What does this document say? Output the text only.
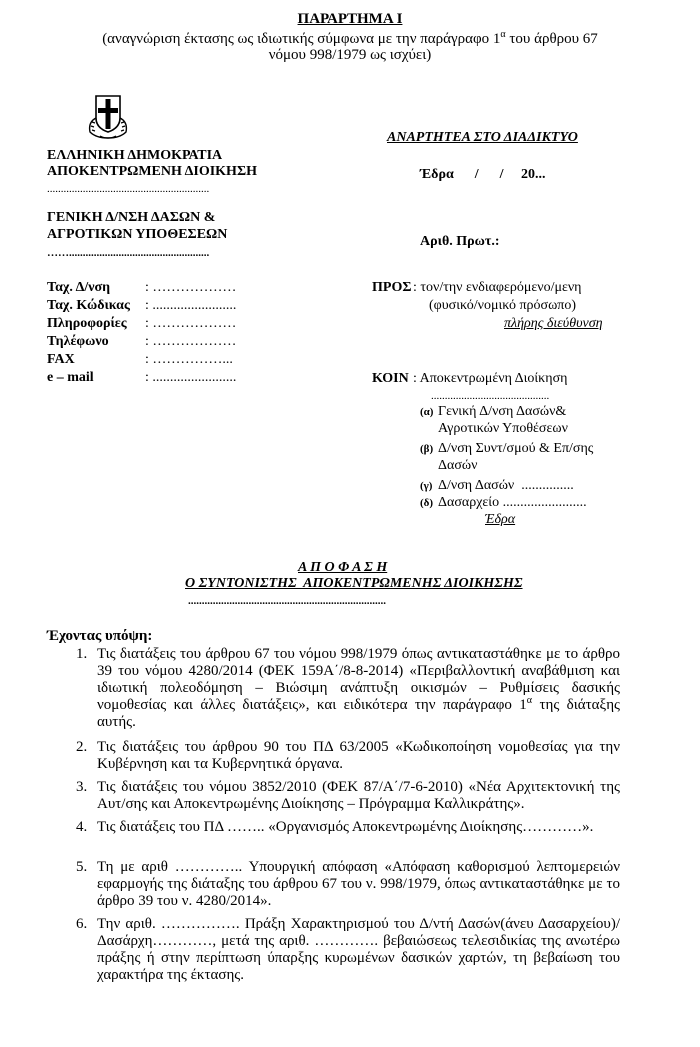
ΠΑΡΑΡΤΗΜΑ Ι
(αναγνώριση έκτασης ως ιδιωτικής σύμφωνα με την παράγραφο $1^\alpha$ του άρθρου 67
νόμου 998/1979 ως ισχύει)
ΕΛΛΗΝΙΚΗ ΔΗΜΟΚΡΑΤΙΑ
ΑΠΟΚΕΝΤΡΩΜΕΝΗ ΔΙΟΙΚΗΣΗ
...........................................................
ΓΕΝΙΚΗ Δ/ΝΣΗ ΔΑΣΩΝ &
ΑΓΡΟΤΙΚΩΝ ΥΠΟΘΕΣΕΩΝ
……...................................................
Ταχ. Δ/νση : ………………
Ταχ. Κώδικας : ........................
Πληροφορίες : ………………
Τηλέφωνο	: ………………
FAX	: ……………...
e – mail	: ........................
ΑΝΑΡΤΗΤΕΑ ΣΤΟ ΔΙΑΔΙΚΤΥΟ
Έδρα      /      /     20...
Αριθ. Πρωτ.:
ΠΡΟΣ : τον/την ενδιαφερόμενο/μενη
(φυσικό/νομικό πρόσωπο)
πλήρης διεύθυνση
ΚΟΙΝ : Αποκεντρωμένη Διοίκηση
...........................................
(α) Γενική Δ/νση Δασών&
Αγροτικών Υποθέσεων
(β) Δ/νση Συντ/σμού & Επ/σης
Δασών
(γ) Δ/νση Δασών  ...............
(δ) Δασαρχείο ........................
Έδρα
Α Π Ο Φ Α Σ Η
Ο ΣΥΝΤΟΝΙΣΤΗΣ  ΑΠΟΚΕΝΤΡΩΜΕΝΗΣ ΔΙΟΙΚΗΣΗΣ
........................................................................
Έχοντας υπόψη:
1. Τις διατάξεις του άρθρου 67 του νόμου 998/1979 όπως αντικαταστάθηκε με το άρθρο 39 του νόμου 4280/2014 (ΦΕΚ 159Α΄/8-8-2014) «Περιβαλλοντική αναβάθμιση και ιδιωτική πολεοδόμηση – Βιώσιμη ανάπτυξη οικισμών – Ρυθμίσεις δασικής νομοθεσίας και άλλες διατάξεις», και ειδικότερα την παράγραφο $1^\alpha$ της διάταξης αυτής.
2. Τις διατάξεις του άρθρου 90 του ΠΔ 63/2005 «Κωδικοποίηση νομοθεσίας για την Κυβέρνηση και τα Κυβερνητικά όργανα.
3. Τις διατάξεις του νόμου 3852/2010 (ΦΕΚ 87/Α΄/7-6-2010) «Νέα Αρχιτεκτονική της Αυτ/σης και Αποκεντρωμένης Διοίκησης – Πρόγραμμα Καλλικράτης».
4. Τις διατάξεις του ΠΔ …….. «Οργανισμός Αποκεντρωμένης Διοίκησης…………».
5. Τη με αριθ ………….. Υπουργική απόφαση «Απόφαση καθορισμού λεπτομερειών εφαρμογής της διάταξης του άρθρου 67 του ν. 998/1979, όπως αντικαταστάθηκε με το άρθρο 39 του ν. 4280/2014».
6. Την αριθ. ……………. Πράξη Χαρακτηρισμού του Δ/ντή Δασών(άνευ Δασαρχείου)/Δασάρχη…………, μετά της αριθ. …………. βεβαιώσεως τελεσιδικίας της ανωτέρω πράξης ή στην περίπτωση ύπαρξης κυρωμένων δασικών χαρτών, τη βεβαίωση του χαρακτήρα της έκτασης.
